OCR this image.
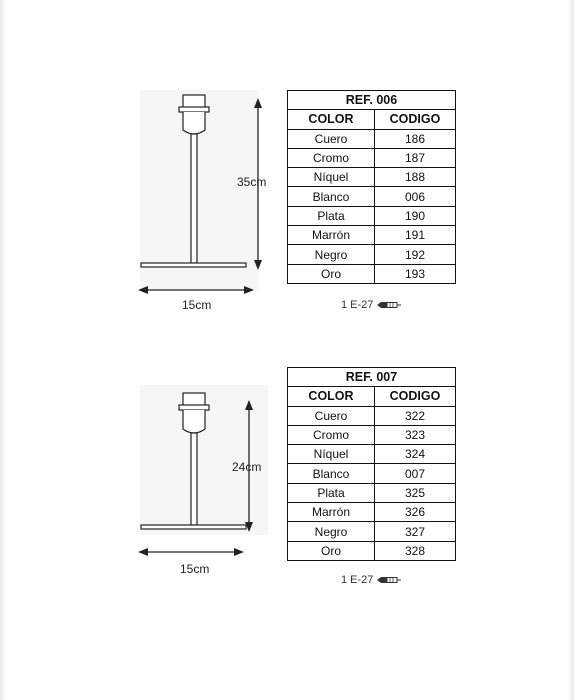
35cm
15cm
REF. 006	
COLOR	CODIGO
Cuero	186
Cromo	187
Níquel	188
Blanco	006
Plata	190
Marrón	191
Negro	192
Oro	193
1 E-27
24cm
15cm
REF. 007	
COLOR	CODIGO
Cuero	322
Cromo	323
Níquel	324
Blanco	007
Plata	325
Marrón	326
Negro	327
Oro	328
1 E-27
